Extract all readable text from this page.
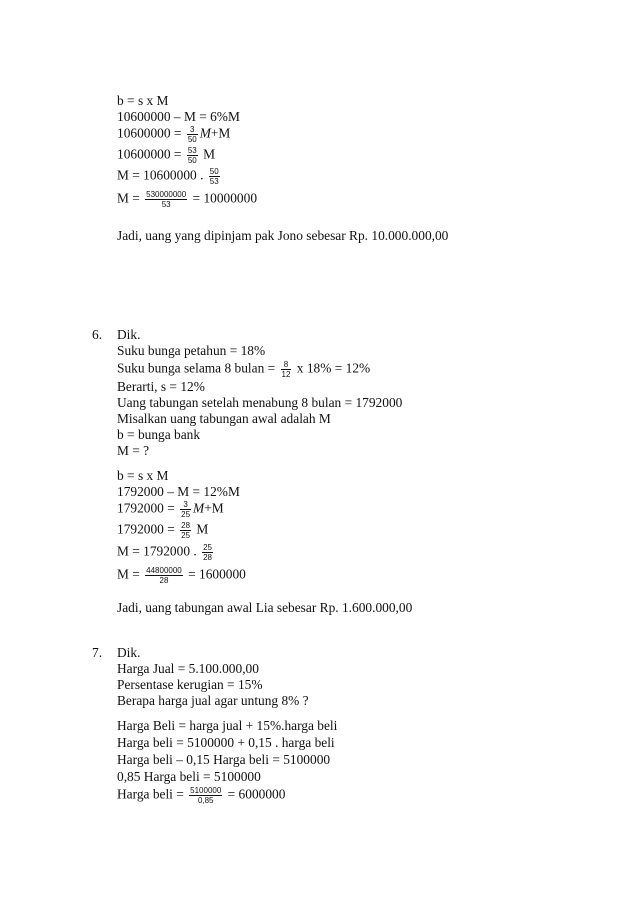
b = s x M
10600000 – M = 6%M
$10600000 = \frac{3}{50} M+M$
$10600000 = \frac{53}{50}$ M
M = 10600000 . $\frac{50}{53}$
$M = \frac{530000000}{53} = 10000000$
Jadi, uang yang dipinjam pak Jono sebesar Rp. 10.000.000,00
6. Dik.
Suku bunga petahun = 18%
Suku bunga selama 8 bulan = $\frac{8}{12}$ x 18% = 12%
Berarti, s = 12%
Uang tabungan setelah menabung 8 bulan = 1792000
Misalkan uang tabungan awal adalah M
b = bunga bank
M = ?
b = s x M
1792000 – M = 12%M
$1792000 = \frac{3}{25} M+M$
$1792000 = \frac{28}{25}$ M
M = 1792000 . $\frac{25}{28}$
$M = \frac{44800000}{28} = 1600000$
Jadi, uang tabungan awal Lia sebesar Rp. 1.600.000,00
7. Dik.
Harga Jual = 5.100.000,00
Persentase kerugian = 15%
Berapa harga jual agar untung 8% ?
Harga Beli = harga jual + 15%.harga beli
Harga beli = 5100000 + 0,15 . harga beli
Harga beli – 0,15 Harga beli = 5100000
0,85 Harga beli = 5100000
Harga beli = $\frac{5100000}{0,85} = 6000000$
